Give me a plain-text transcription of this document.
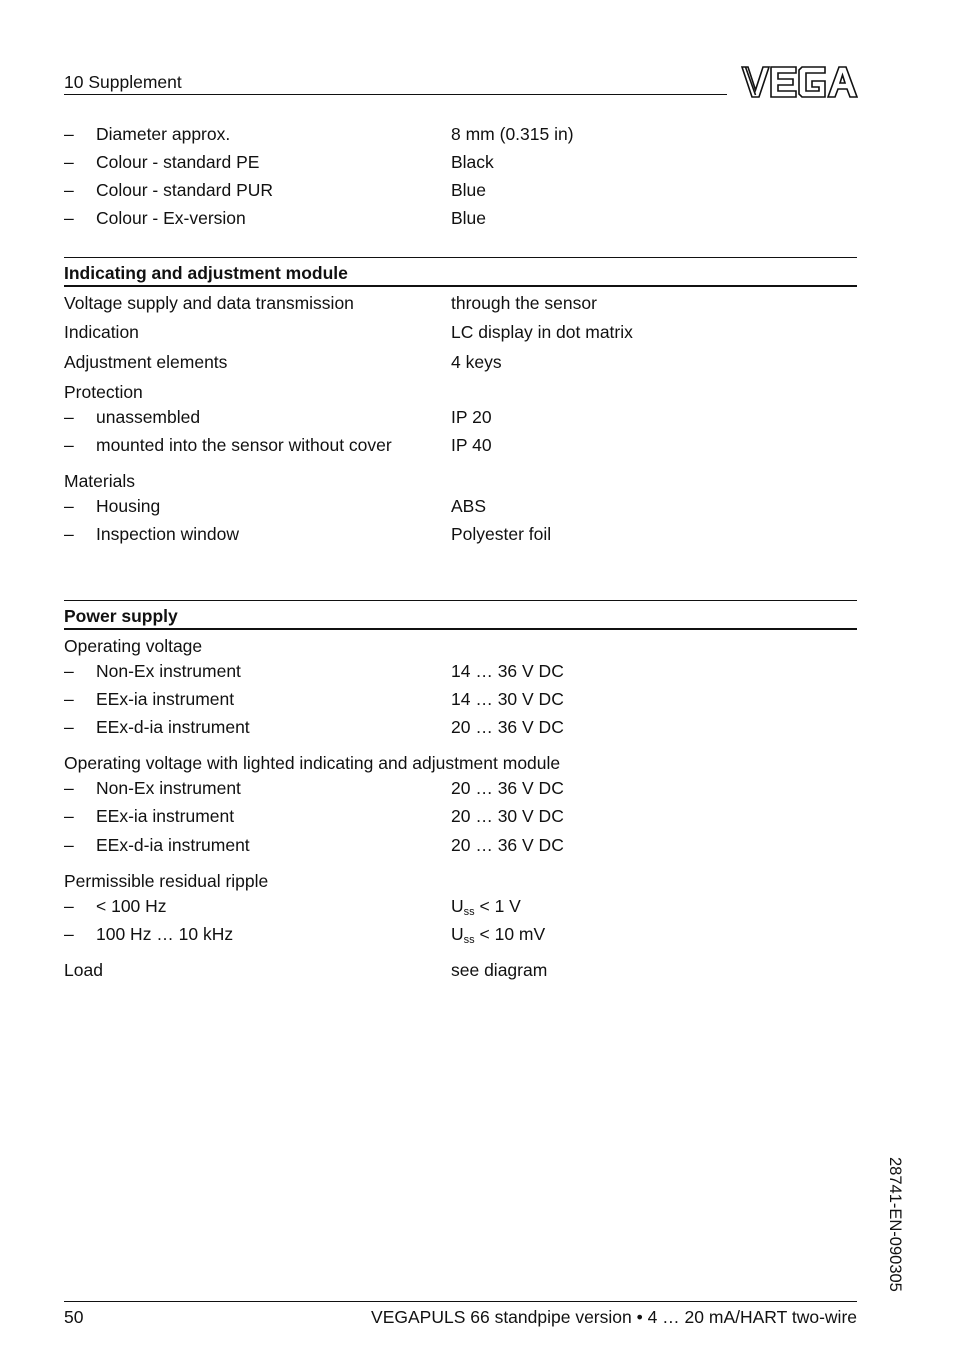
10 Supplement
– Diameter approx.	8 mm (0.315 in)
– Colour - standard PE	Black
– Colour - standard PUR	Blue
– Colour - Ex-version	Blue
Indicating and adjustment module
Voltage supply and data transmission	through the sensor
Indication	LC display in dot matrix
Adjustment elements	4 keys
Protection
– unassembled	IP 20
– mounted into the sensor without cover	IP 40
Materials
– Housing	ABS
– Inspection window	Polyester foil
Power supply
Operating voltage
– Non-Ex instrument	14 … 36 V DC
– EEx-ia instrument	14 … 30 V DC
– EEx-d-ia instrument	20 … 36 V DC
Operating voltage with lighted indicating and adjustment module
– Non-Ex instrument	20 … 36 V DC
– EEx-ia instrument	20 … 30 V DC
– EEx-d-ia instrument	20 … 36 V DC
Permissible residual ripple
– < 100 Hz	$U_{ss} < 1$ V
– 100 Hz … 10 kHz	$U_{ss} < 10$ mV
Load	see diagram
28741-EN-090305
50	VEGAPULS 66 standpipe version • 4 … 20 mA/HART two-wire
